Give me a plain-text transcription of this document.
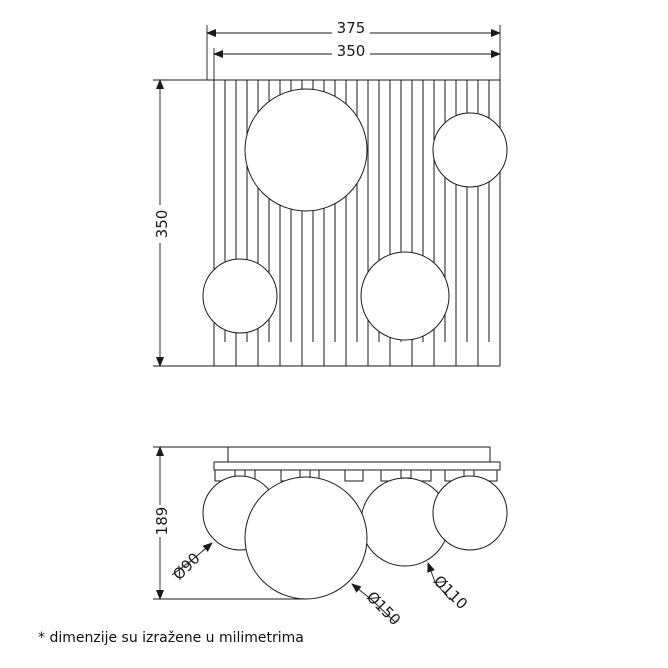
375
350
350
189
Ø90
Ø150 Ø110
* dimenzije su izražene u milimetrima
